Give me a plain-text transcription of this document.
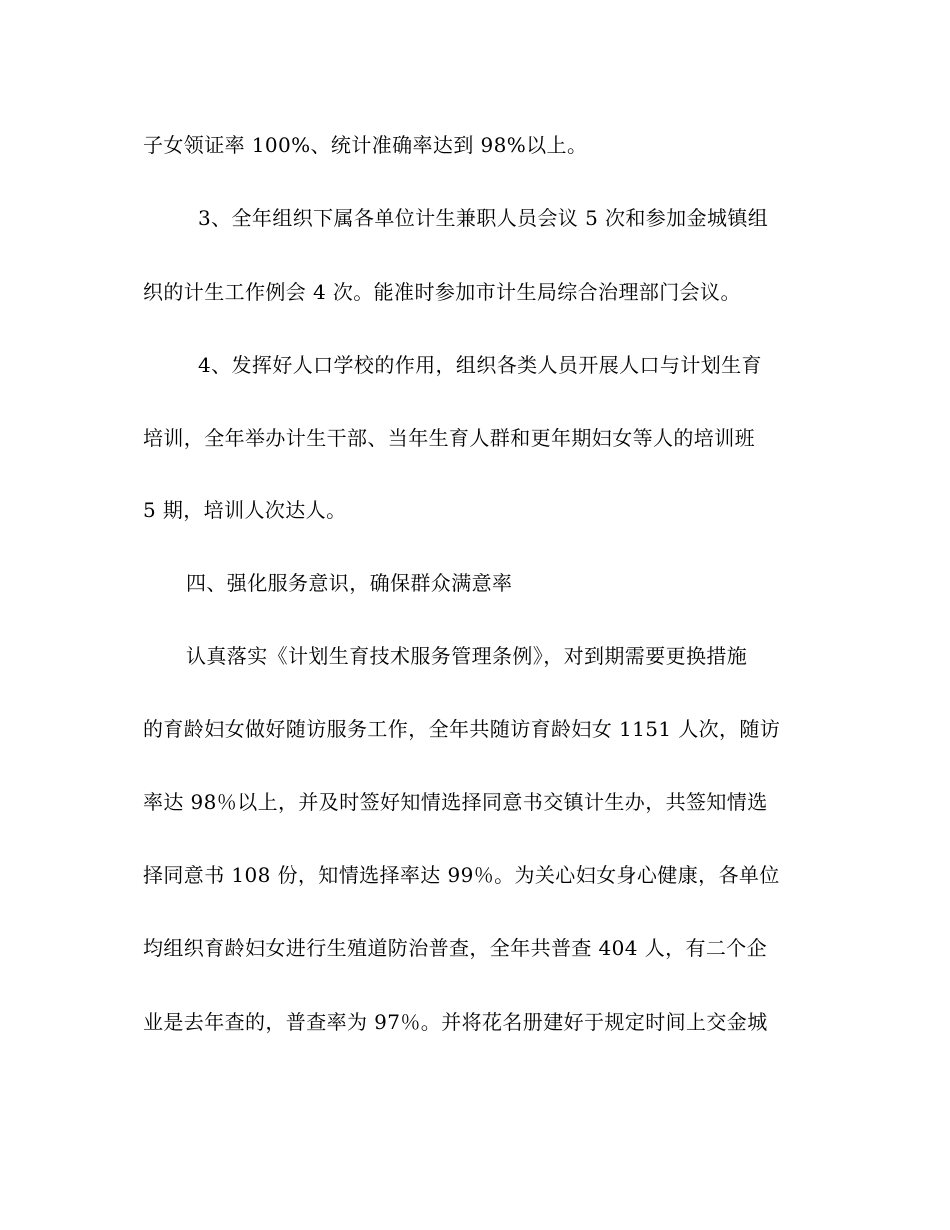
子女领证率 100%、统计准确率达到 98%以上。
3、全年组织下属各单位计生兼职人员会议 5 次和参加金城镇组
织的计生工作例会 4 次。能准时参加市计生局综合治理部门会议。
4、发挥好人口学校的作用，组织各类人员开展人口与计划生育
培训，全年举办计生干部、当年生育人群和更年期妇女等人的培训班
5 期，培训人次达人。
四、强化服务意识，确保群众满意率
认真落实《计划生育技术服务管理条例》，对到期需要更换措施
的育龄妇女做好随访服务工作，全年共随访育龄妇女 1151 人次，随访
率达 98％以上，并及时签好知情选择同意书交镇计生办，共签知情选
择同意书 108 份，知情选择率达 99％。为关心妇女身心健康，各单位
均组织育龄妇女进行生殖道防治普查，全年共普查 404 人，有二个企
业是去年查的，普查率为 97％。并将花名册建好于规定时间上交金城
